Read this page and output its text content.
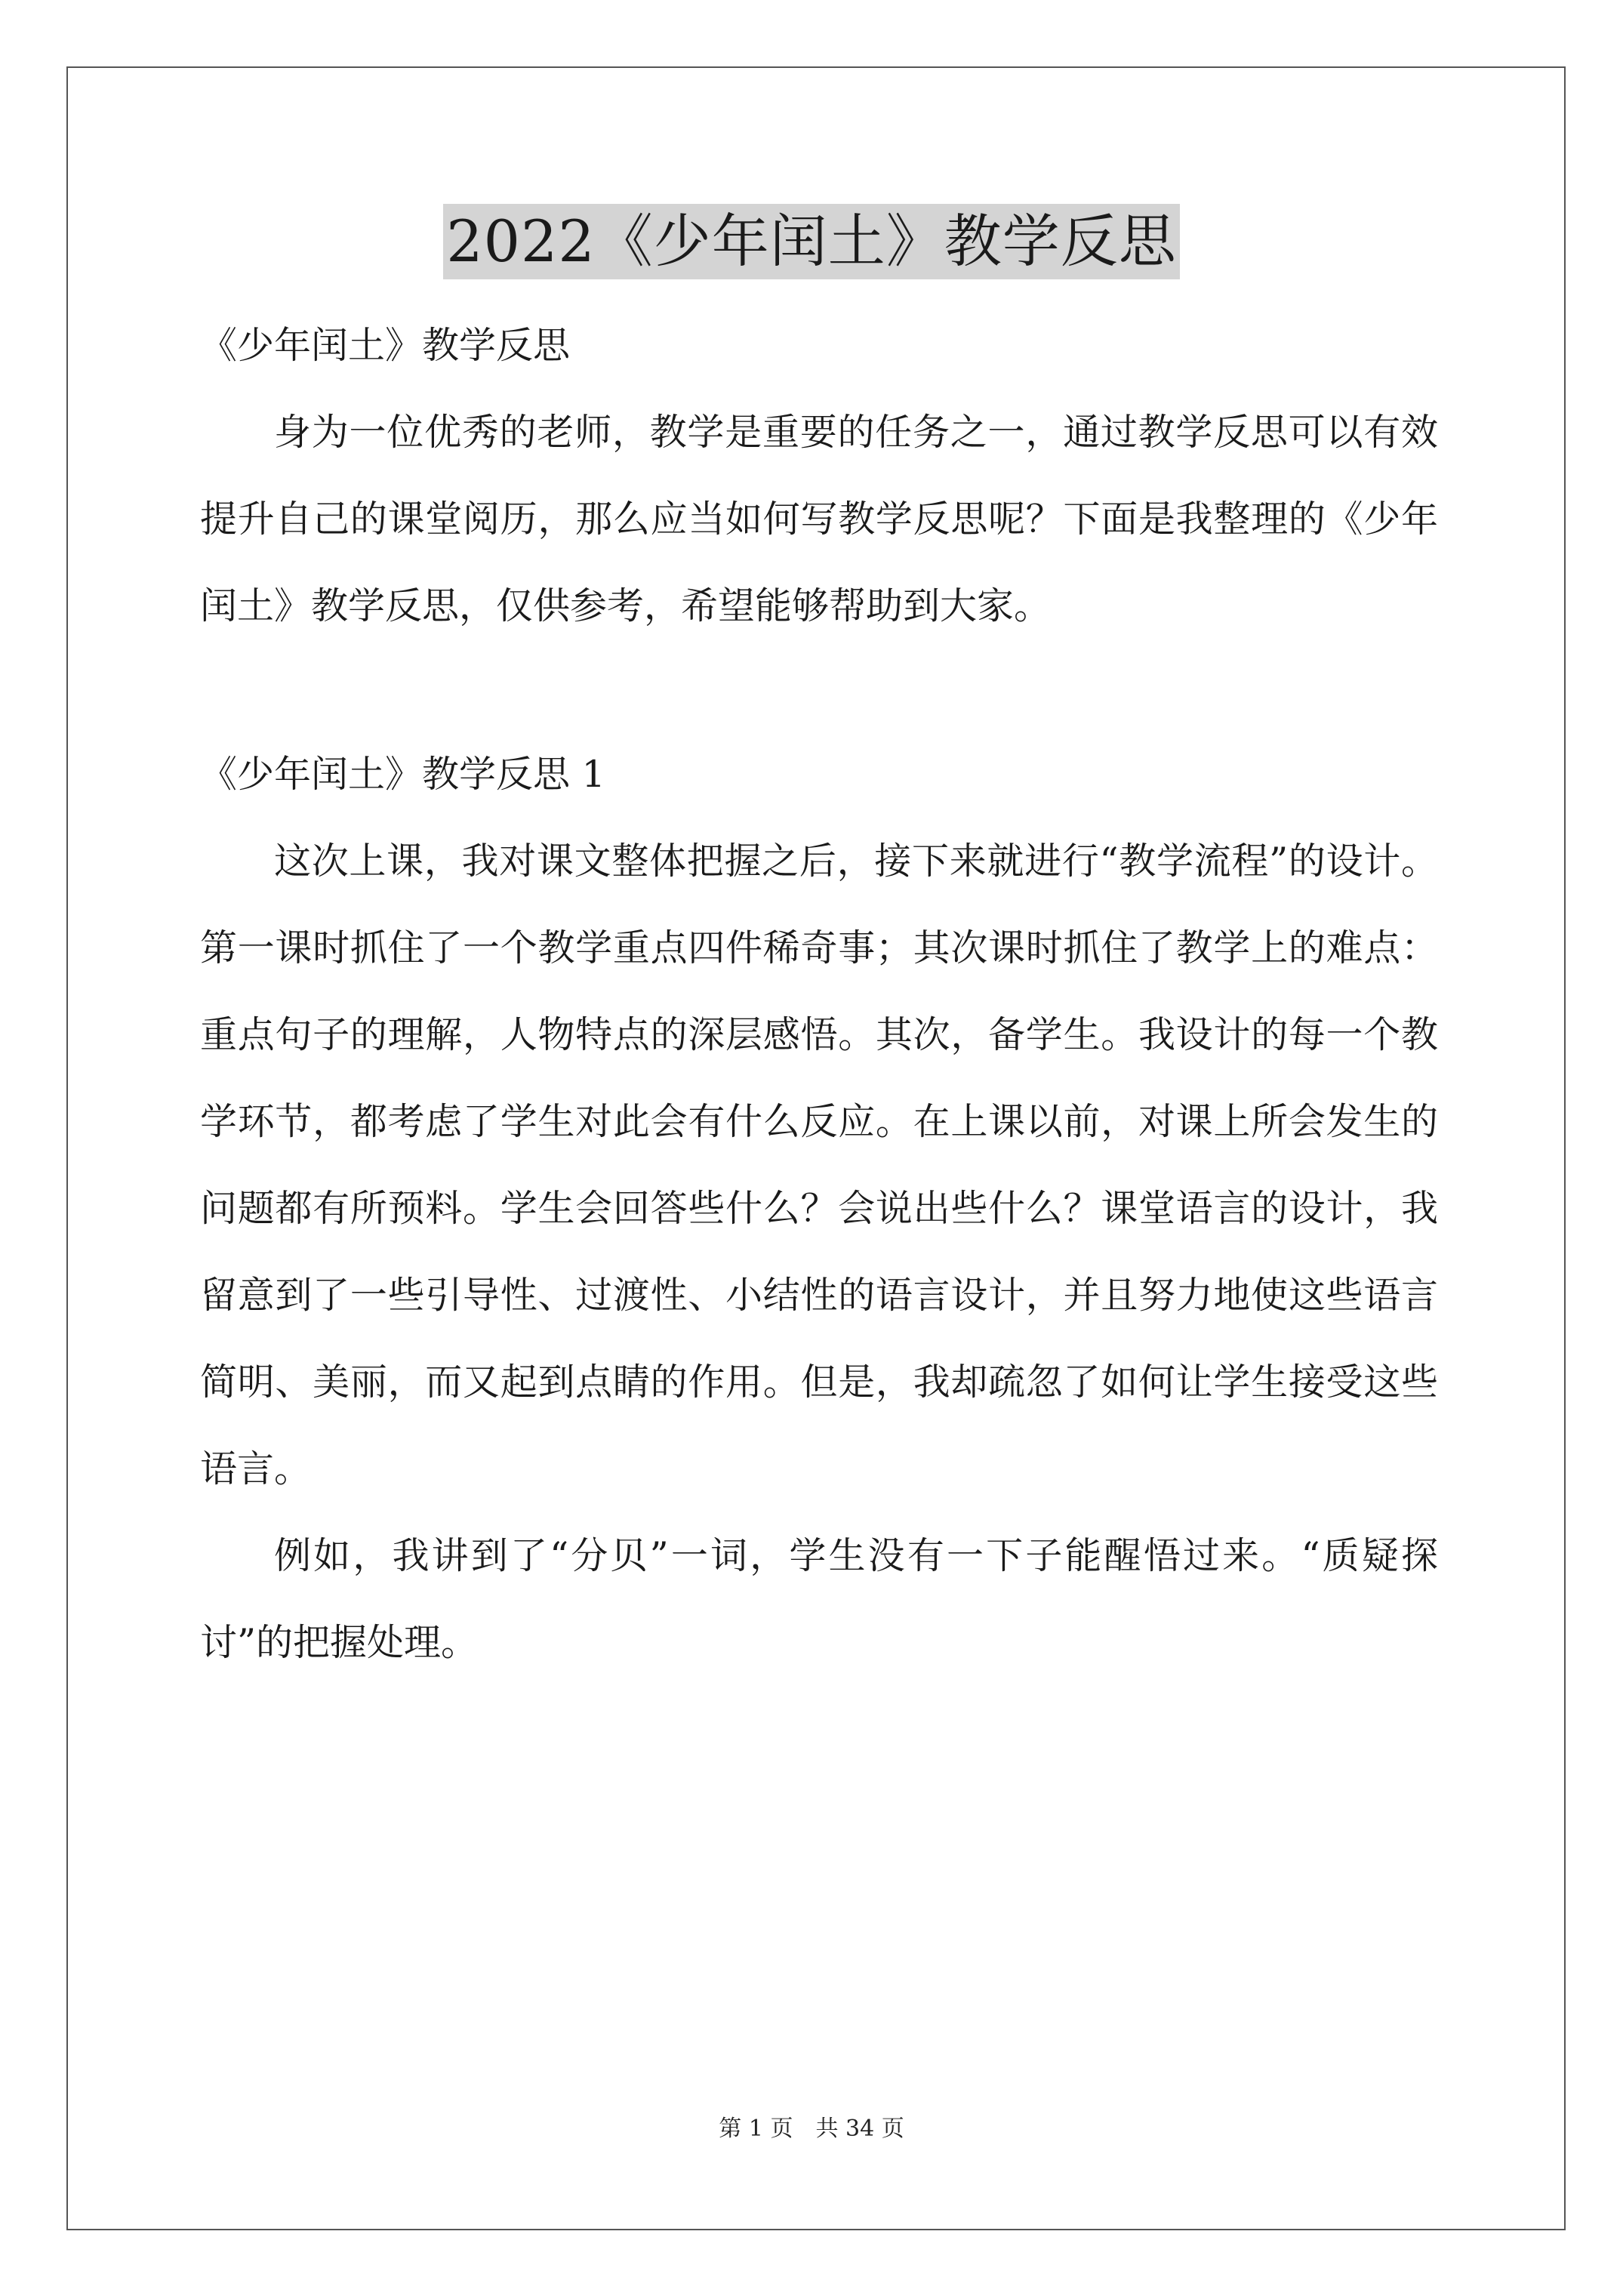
2022《少年闰土》教学反思

《少年闰土》教学反思

身为一位优秀的老师，教学是重要的任务之一，通过教学反思可以有效提升自己的课堂阅历，那么应当如何写教学反思呢？下面是我整理的《少年闰土》教学反思，仅供参考，希望能够帮助到大家。

《少年闰土》教学反思 1

这次上课，我对课文整体把握之后，接下来就进行“教学流程”的设计。第一课时抓住了一个教学重点四件稀奇事；其次课时抓住了教学上的难点：重点句子的理解，人物特点的深层感悟。其次，备学生。我设计的每一个教学环节，都考虑了学生对此会有什么反应。在上课以前，对课上所会发生的问题都有所预料。学生会回答些什么？会说出些什么？课堂语言的设计，我留意到了一些引导性、过渡性、小结性的语言设计，并且努力地使这些语言简明、美丽，而又起到点睛的作用。但是，我却疏忽了如何让学生接受这些语言。

例如，我讲到了“分贝”一词，学生没有一下子能醒悟过来。“质疑探讨”的把握处理。

第 1 页　共 34 页
